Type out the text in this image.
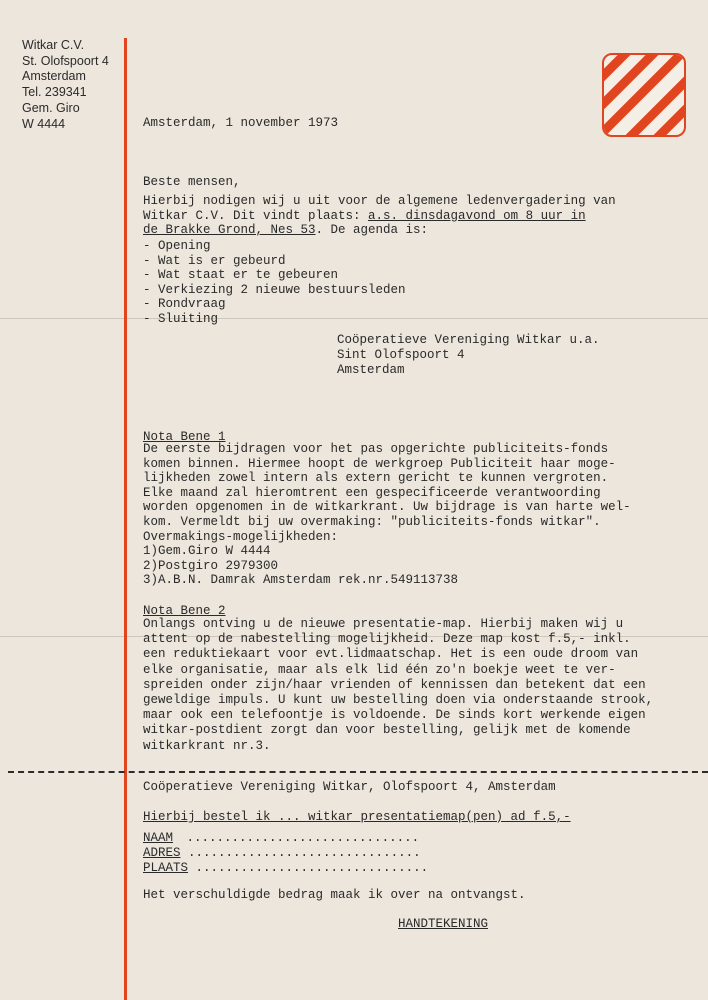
Witkar C.V.
St. Olofspoort 4
Amsterdam
Tel. 239341
Gem. Giro
W 4444	Amsterdam, 1 november 1973
Beste mensen,
Hierbij nodigen wij u uit voor de algemene ledenvergadering van
Witkar C.V. Dit vindt plaats: a.s. dinsdagavond om 8 uur in
de Brakke Grond, Nes 53. De agenda is:
- Opening
- Wat is er gebeurd
- Wat staat er te gebeuren
- Verkiezing 2 nieuwe bestuursleden
- Rondvraag
- Sluiting
Coöperatieve Vereniging Witkar u.a.
Sint Olofspoort 4
Amsterdam
Nota Bene 1
De eerste bijdragen voor het pas opgerichte publiciteits-fonds
komen binnen. Hiermee hoopt de werkgroep Publiciteit haar moge-
lijkheden zowel intern als extern gericht te kunnen vergroten.
Elke maand zal hieromtrent een gespecificeerde verantwoording
worden opgenomen in de witkarkrant. Uw bijdrage is van harte wel-
kom. Vermeldt bij uw overmaking: "publiciteits-fonds witkar".
Overmakings-mogelijkheden:
1)Gem.Giro W 4444
2)Postgiro 2979300
3)A.B.N. Damrak Amsterdam rek.nr.549113738
Nota Bene 2
Onlangs ontving u de nieuwe presentatie-map. Hierbij maken wij u
attent op de nabestelling mogelijkheid. Deze map kost f.5,- inkl.
een reduktiekaart voor evt.lidmaatschap. Het is een oude droom van
elke organisatie, maar als elk lid één zo'n boekje weet te ver-
spreiden onder zijn/haar vrienden of kennissen dan betekent dat een
geweldige impuls. U kunt uw bestelling doen via onderstaande strook,
maar ook een telefoontje is voldoende. De sinds kort werkende eigen
witkar-postdient zorgt dan voor bestelling, gelijk met de komende
witkarkrant nr.3.
Coöperatieve Vereniging Witkar, Olofspoort 4, Amsterdam
Hierbij bestel ik ... witkar presentatiemap(pen) ad f.5,-
NAAM ...............................
ADRES ...............................
PLAATS ...............................
Het verschuldigde bedrag maak ik over na ontvangst.
HANDTEKENING
